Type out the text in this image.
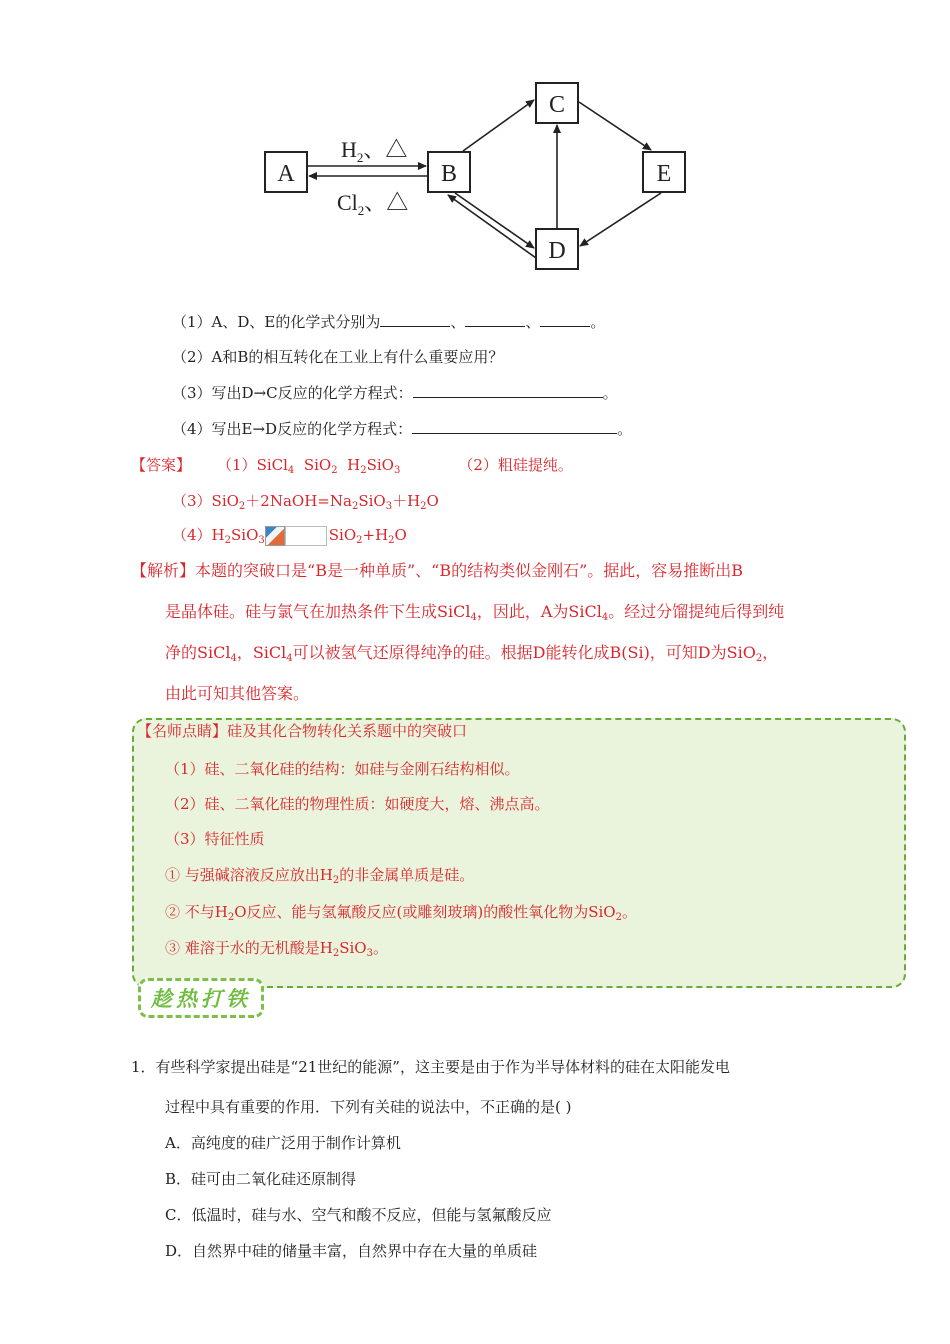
A	B
C
D
E
$H_2$、△
$Cl_2$、△
（1）A、D、E的化学式分别为	、	、	。
（2）A和B的相互转化在工业上有什么重要应用？
（3）写出D→C反应的化学方程式：	。
（4）写出E→D反应的化学方程式：	。
【答案】 （1）SiCl$_4$ SiO$_2$ $H_2SiO_3$	（2）粗硅提纯。
$(3)SiO_2+2NaOH=Na_2SiO_3+H_2O$
$(4)H_2SiO_3$	$SiO_2+H_2O$
【解析】本题的突破口是“B是一种单质”、“B的结构类似金刚石”。据此，容易推断出B
是晶体硅。硅与氯气在加热条件下生成SiCl$_4$，因此，A为SiCl$_4$。经过分馏提纯后得到纯
净的SiCl$_4$，SiCl$_4$可以被氢气还原得纯净的硅。根据D能转化成B(Si)，可知D为SiO$_2$，
由此可知其他答案。
【名师点睛】硅及其化合物转化关系题中的突破口
（1）硅、二氧化硅的结构：如硅与金刚石结构相似。
（2）硅、二氧化硅的物理性质：如硬度大，熔、沸点高。
（3）特征性质
① 与强碱溶液反应放出$H_2$的非金属单质是硅。
② 不与$H_2O$反应、能与氢氟酸反应(或雕刻玻璃)的酸性氧化物为SiO$_2$。
③ 难溶于水的无机酸是$H_2SiO_3$。
趁热打铁
1．有些科学家提出硅是“21世纪的能源”，这主要是由于作为半导体材料的硅在太阳能发电
过程中具有重要的作用．下列有关硅的说法中，不正确的是( )
A．高纯度的硅广泛用于制作计算机
B．硅可由二氧化硅还原制得
C．低温时，硅与水、空气和酸不反应，但能与氢氟酸反应
D．自然界中硅的储量丰富，自然界中存在大量的单质硅
